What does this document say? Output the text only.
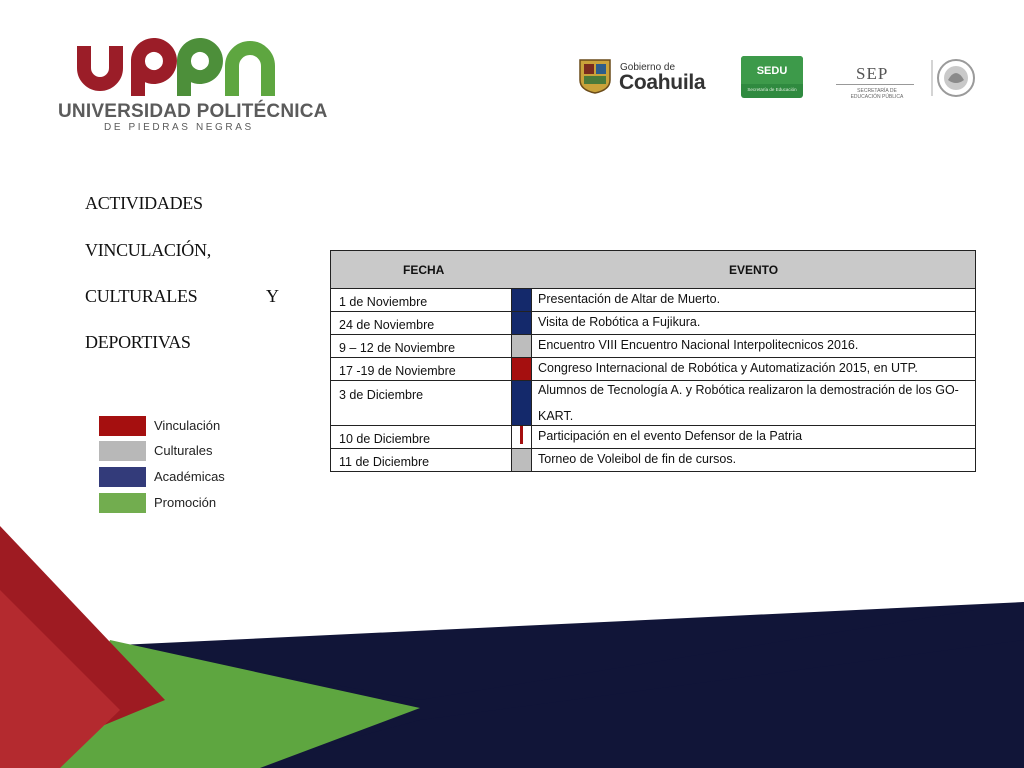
UNIVERSIDAD POLITÉCNICA
DE PIEDRAS NEGRAS
Gobierno de
Coahuila	SEDU
Secretaría de Educación
SEP
SECRETARÍA DE EDUCACIÓN PÚBLICA
ACTIVIDADES
VINCULACIÓN,
CULTURALES	Y
DEPORTIVAS
Vinculación
Culturales
Académicas
Promoción
FECHA	EVENTO
1 de Noviembre	Presentación de Altar de Muerto.
24 de Noviembre	Visita de Robótica a Fujikura.
9 – 12 de Noviembre	Encuentro VIII Encuentro Nacional Interpolitecnicos 2016.
17 -19 de Noviembre	Congreso Internacional de Robótica y Automatización 2015, en UTP.
3 de Diciembre	Alumnos de Tecnología A. y Robótica realizaron la demostración de los GO-KART.
10 de Diciembre	Participación en el evento Defensor de la Patria
11 de Diciembre	Torneo de Voleibol de fin de cursos.
